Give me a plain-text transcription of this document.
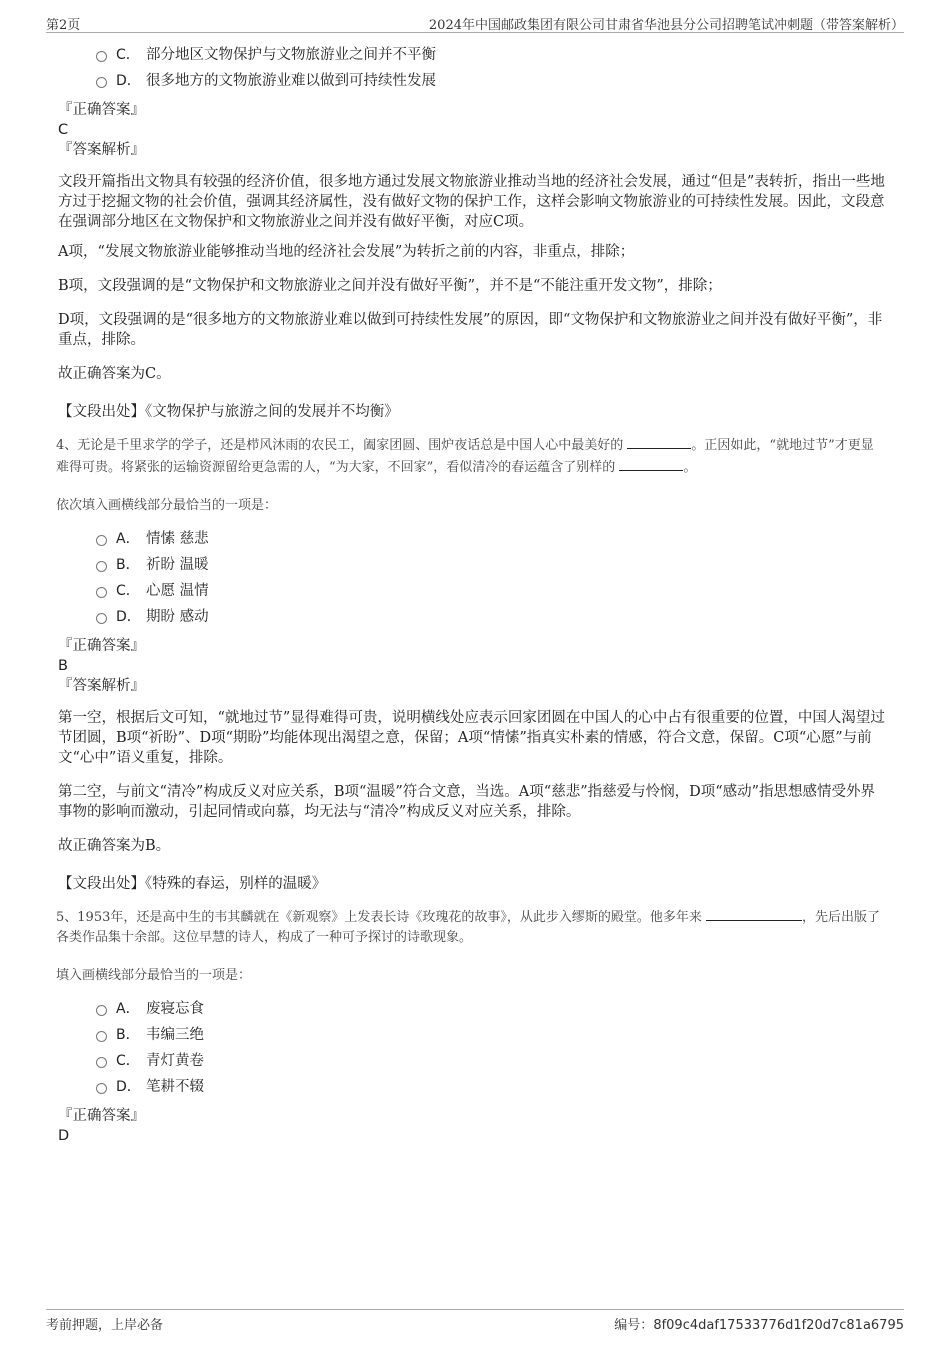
第2页	2024年中国邮政集团有限公司甘肃省华池县分公司招聘笔试冲刺题（带答案解析）
C． 部分地区文物保护与文物旅游业之间并不平衡
D． 很多地方的文物旅游业难以做到可持续性发展
『正确答案』
C
『答案解析』
文段开篇指出文物具有较强的经济价值，很多地方通过发展文物旅游业推动当地的经济社会发展，通过“但是”表转折，指出一些地方过于挖掘文物的社会价值，强调其经济属性，没有做好文物的保护工作，这样会影响文物旅游业的可持续性发展。因此，文段意在强调部分地区在文物保护和文物旅游业之间并没有做好平衡，对应C项。
A项，“发展文物旅游业能够推动当地的经济社会发展”为转折之前的内容，非重点，排除；
B项，文段强调的是“文物保护和文物旅游业之间并没有做好平衡”，并不是“不能注重开发文物”，排除；
D项，文段强调的是“很多地方的文物旅游业难以做到可持续性发展”的原因，即“文物保护和文物旅游业之间并没有做好平衡”，非重点，排除。
故正确答案为C。
【文段出处】《文物保护与旅游之间的发展并不均衡》
4、无论是千里求学的学子，还是栉风沐雨的农民工，阖家团圆、围炉夜话总是中国人心中最美好的	。正因如此，“就地过节”才更显难得可贵。将紧张的运输资源留给更急需的人，“为大家，不回家”，看似清冷的春运蕴含了别样的	。
依次填入画横线部分最恰当的一项是：
A． 情愫 慈悲
B． 祈盼 温暖
C． 心愿 温情
D． 期盼 感动
『正确答案』
B
『答案解析』
第一空，根据后文可知，“就地过节”显得难得可贵，说明横线处应表示回家团圆在中国人的心中占有很重要的位置，中国人渴望过节团圆，B项“祈盼”、D项“期盼”均能体现出渴望之意，保留；A项“情愫”指真实朴素的情感，符合文意，保留。C项“心愿”与前文“心中”语义重复，排除。
第二空，与前文“清冷”构成反义对应关系，B项“温暖”符合文意，当选。A项“慈悲”指慈爱与怜悯，D项“感动”指思想感情受外界事物的影响而激动，引起同情或向慕，均无法与“清冷”构成反义对应关系，排除。
故正确答案为B。
【文段出处】《特殊的春运，别样的温暖》
5、1953年，还是高中生的韦其麟就在《新观察》上发表长诗《玫瑰花的故事》，从此步入缪斯的殿堂。他多年来	，先后出版了各类作品集十余部。这位早慧的诗人，构成了一种可予探讨的诗歌现象。
填入画横线部分最恰当的一项是：
A． 废寝忘食
B． 韦编三绝
C． 青灯黄卷
D． 笔耕不辍
『正确答案』
D
考前押题，上岸必备	编号：8f09c4daf17533776d1f20d7c81a6795
